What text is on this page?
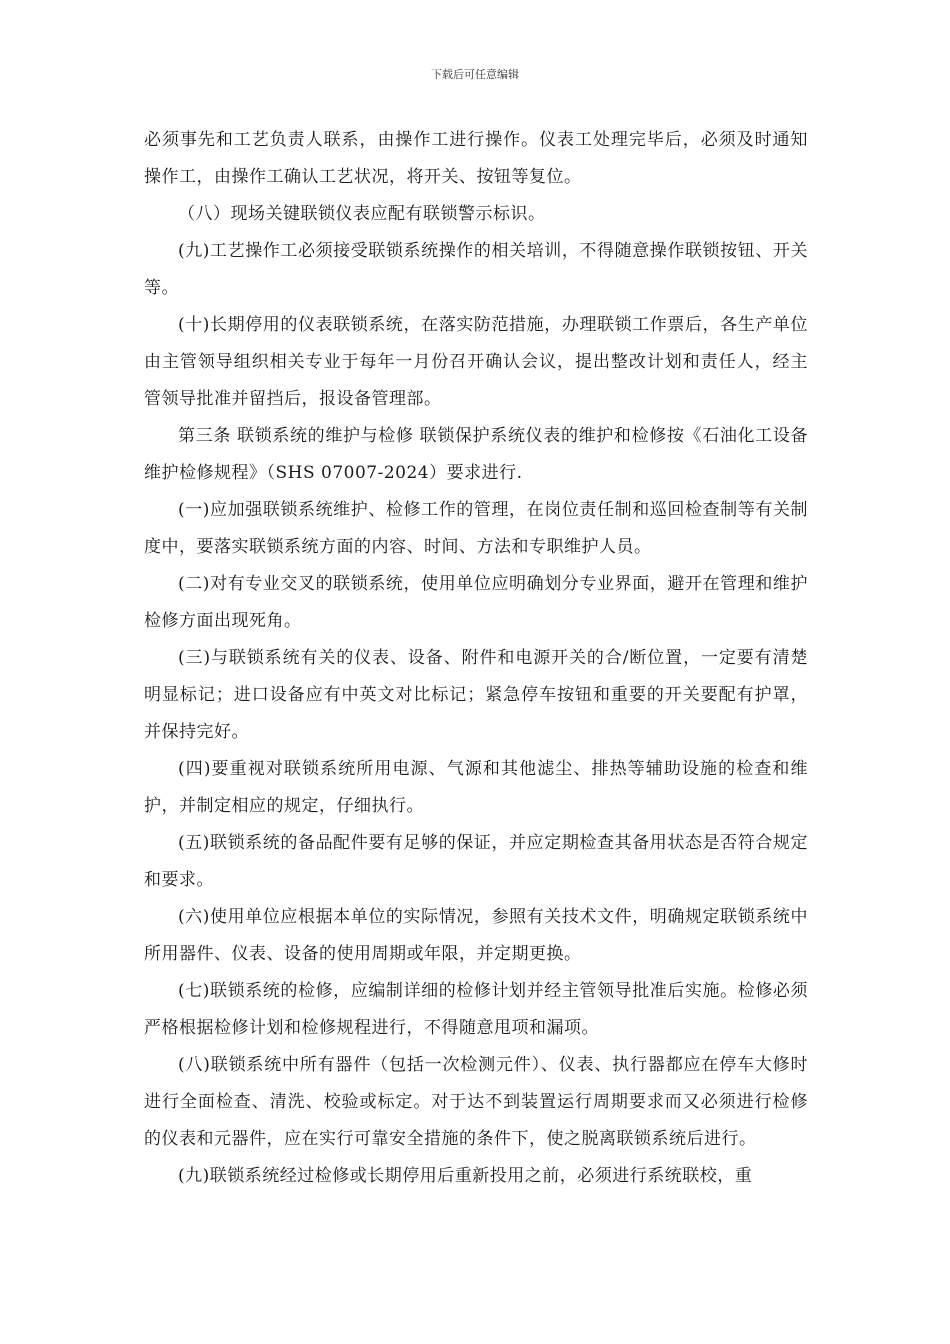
下载后可任意编辑

必须事先和工艺负责人联系，由操作工进行操作。仪表工处理完毕后，必须及时通知操作工，由操作工确认工艺状况，将开关、按钮等复位。

（八）现场关键联锁仪表应配有联锁警示标识。

(九)工艺操作工必须接受联锁系统操作的相关培训，不得随意操作联锁按钮、开关等。

(十)长期停用的仪表联锁系统，在落实防范措施，办理联锁工作票后，各生产单位由主管领导组织相关专业于每年一月份召开确认会议，提出整改计划和责任人，经主管领导批准并留挡后，报设备管理部。

第三条 联锁系统的维护与检修 联锁保护系统仪表的维护和检修按《石油化工设备维护检修规程》（SHS 07007-2024）要求进行.

(一)应加强联锁系统维护、检修工作的管理，在岗位责任制和巡回检查制等有关制度中，要落实联锁系统方面的内容、时间、方法和专职维护人员。

(二)对有专业交叉的联锁系统，使用单位应明确划分专业界面，避开在管理和维护检修方面出现死角。

(三)与联锁系统有关的仪表、设备、附件和电源开关的合/断位置，一定要有清楚明显标记；进口设备应有中英文对比标记；紧急停车按钮和重要的开关要配有护罩，并保持完好。

(四)要重视对联锁系统所用电源、气源和其他滤尘、排热等辅助设施的检查和维护，并制定相应的规定，仔细执行。

(五)联锁系统的备品配件要有足够的保证，并应定期检查其备用状态是否符合规定和要求。

(六)使用单位应根据本单位的实际情况，参照有关技术文件，明确规定联锁系统中所用器件、仪表、设备的使用周期或年限，并定期更换。

(七)联锁系统的检修，应编制详细的检修计划并经主管领导批准后实施。检修必须严格根据检修计划和检修规程进行，不得随意甩项和漏项。

(八)联锁系统中所有器件（包括一次检测元件）、仪表、执行器都应在停车大修时进行全面检查、清洗、校验或标定。对于达不到装置运行周期要求而又必须进行检修的仪表和元器件，应在实行可靠安全措施的条件下，使之脱离联锁系统后进行。

(九)联锁系统经过检修或长期停用后重新投用之前，必须进行系统联校，重
